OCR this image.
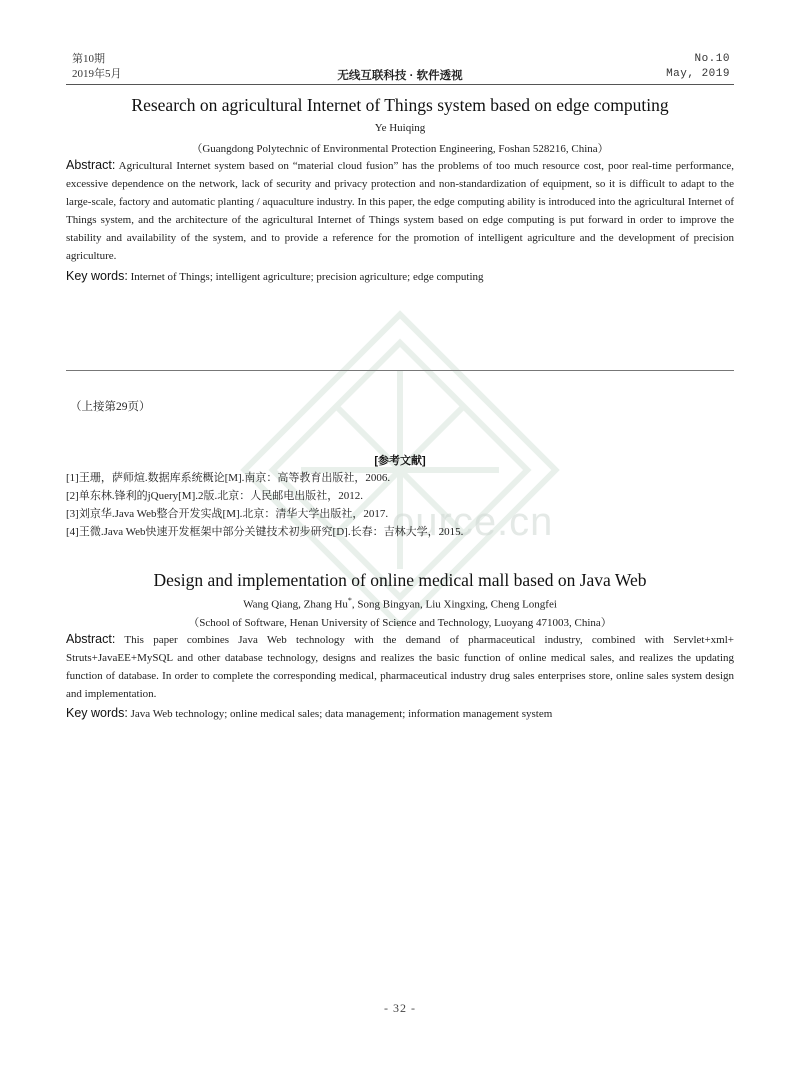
ource.cn
第10期
2019年5月	无线互联科技 · 软件透视
No.10
May, 2019
Research on agricultural Internet of Things system based on edge computing
Ye Huiqing
（Guangdong Polytechnic of Environmental Protection Engineering, Foshan 528216, China）
Abstract: Agricultural Internet system based on “material cloud fusion” has the problems of too much resource cost, poor real-time performance, excessive dependence on the network, lack of security and privacy protection and non-standardization of equipment, so it is difficult to adapt to the large-scale, factory and automatic planting / aquaculture industry. In this paper, the edge computing ability is introduced into the agricultural Internet of Things system, and the architecture of the agricultural Internet of Things system based on edge computing is put forward in order to improve the stability and availability of the system, and to provide a reference for the promotion of intelligent agriculture and the development of precision agriculture.
Key words: Internet of Things; intelligent agriculture; precision agriculture; edge computing
（上接第29页）
[参考文献]
[1]王珊，萨师煊.数据库系统概论[M].南京：高等教育出版社，2006.
[2]单东林.锋利的jQuery[M].2版.北京：人民邮电出版社，2012.
[3]刘京华.Java Web整合开发实战[M].北京：清华大学出版社，2017.
[4]王微.Java Web快速开发框架中部分关键技术初步研究[D].长春：吉林大学，2015.
Design and implementation of online medical mall based on Java Web
Wang Qiang, Zhang Hu*, Song Bingyan, Liu Xingxing, Cheng Longfei
（School of Software, Henan University of Science and Technology, Luoyang 471003, China）
Abstract: This paper combines Java Web technology with the demand of pharmaceutical industry, combined with Servlet+xml+ Struts+JavaEE+MySQL and other database technology, designs and realizes the basic function of online medical sales, and realizes the updating function of database. In order to complete the corresponding medical, pharmaceutical industry drug sales enterprises store, online sales system design and implementation.
Key words: Java Web technology; online medical sales; data management; information management system
- 32 -
